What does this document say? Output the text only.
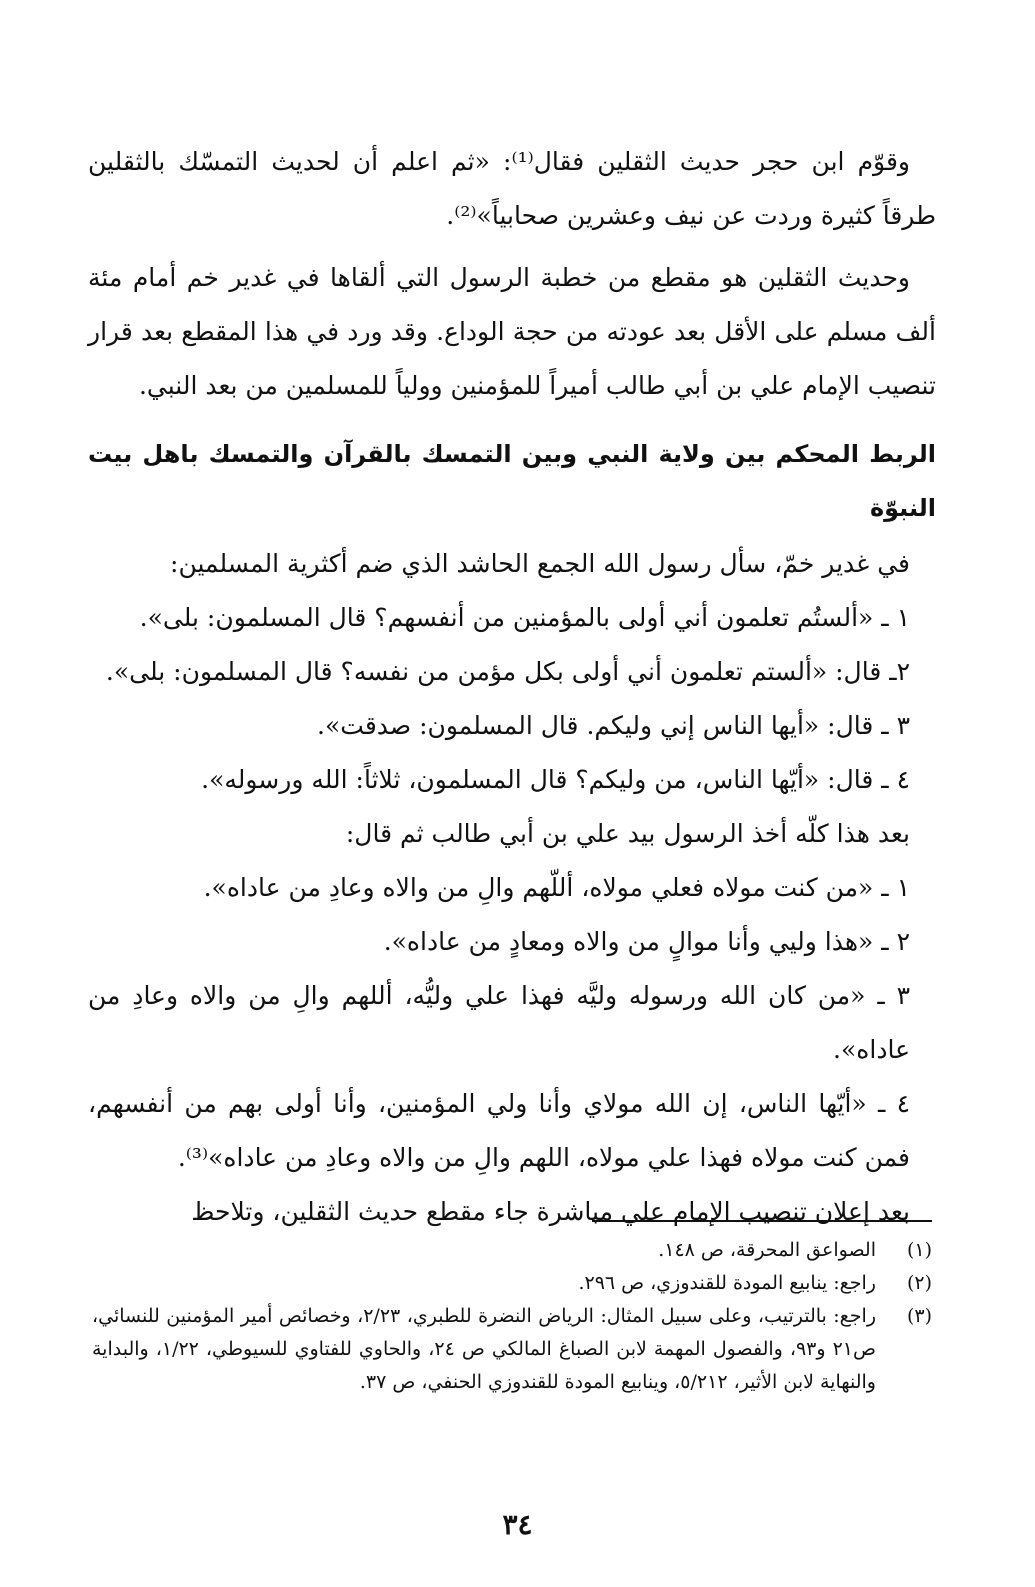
وقوّم ابن حجر حديث الثقلين فقال⁽¹⁾: «ثم اعلم أن لحديث التمسّك بالثقلين طرقاً كثيرة وردت عن نيف وعشرين صحابياً»⁽²⁾.

وحديث الثقلين هو مقطع من خطبة الرسول التي ألقاها في غدير خم أمام مئة ألف مسلم على الأقل بعد عودته من حجة الوداع. وقد ورد في هذا المقطع بعد قرار تنصيب الإمام علي بن أبي طالب أميراً للمؤمنين وولياً للمسلمين من بعد النبي.

الربط المحكم بين ولاية النبي وبين التمسك بالقرآن والتمسك باهل بيت النبوّة

في غدير خمّ، سأل رسول الله الجمع الحاشد الذي ضم أكثرية المسلمين:

١ ـ «ألستُم تعلمون أني أولى بالمؤمنين من أنفسهم؟ قال المسلمون: بلى».

٢ـ قال: «ألستم تعلمون أني أولى بكل مؤمن من نفسه؟ قال المسلمون: بلى».

٣ ـ قال: «أيها الناس إني وليكم. قال المسلمون: صدقت».

٤ ـ قال: «أيّها الناس، من وليكم؟ قال المسلمون، ثلاثاً: الله ورسوله».

بعد هذا كلّه أخذ الرسول بيد علي بن أبي طالب ثم قال:

١ ـ «من كنت مولاه فعلي مولاه، أللّهم والِ من والاه وعادِ من عاداه».

٢ ـ «هذا وليي وأنا موالٍ من والاه ومعادٍ من عاداه».

٣ ـ «من كان الله ورسوله وليَّه فهذا علي وليُّه، أللهم والِ من والاه وعادِ من عاداه».

٤ ـ «أيّها الناس، إن الله مولاي وأنا ولي المؤمنين، وأنا أولى بهم من أنفسهم، فمن كنت مولاه فهذا علي مولاه، اللهم والِ من والاه وعادِ من عاداه»⁽³⁾.

بعد إعلان تنصيب الإمام علي مباشرة جاء مقطع حديث الثقلين، وتلاحظ

(١)
الصواعق المحرقة، ص ١٤٨.
(٢)
راجع: ينابيع المودة للقندوزي، ص ٢٩٦.
(٣)
راجع: بالترتيب، وعلى سبيل المثال: الرياض النضرة للطبري، ٢/٢٣، وخصائص أمير المؤمنين للنسائي، ص٢١ و٩٣، والفصول المهمة لابن الصباغ المالكي ص ٢٤، والحاوي للفتاوي للسيوطي، ١/٢٢، والبداية والنهاية لابن الأثير، ٥/٢١٢، وينابيع المودة للقندوزي الحنفي، ص ٣٧.
٣٤
